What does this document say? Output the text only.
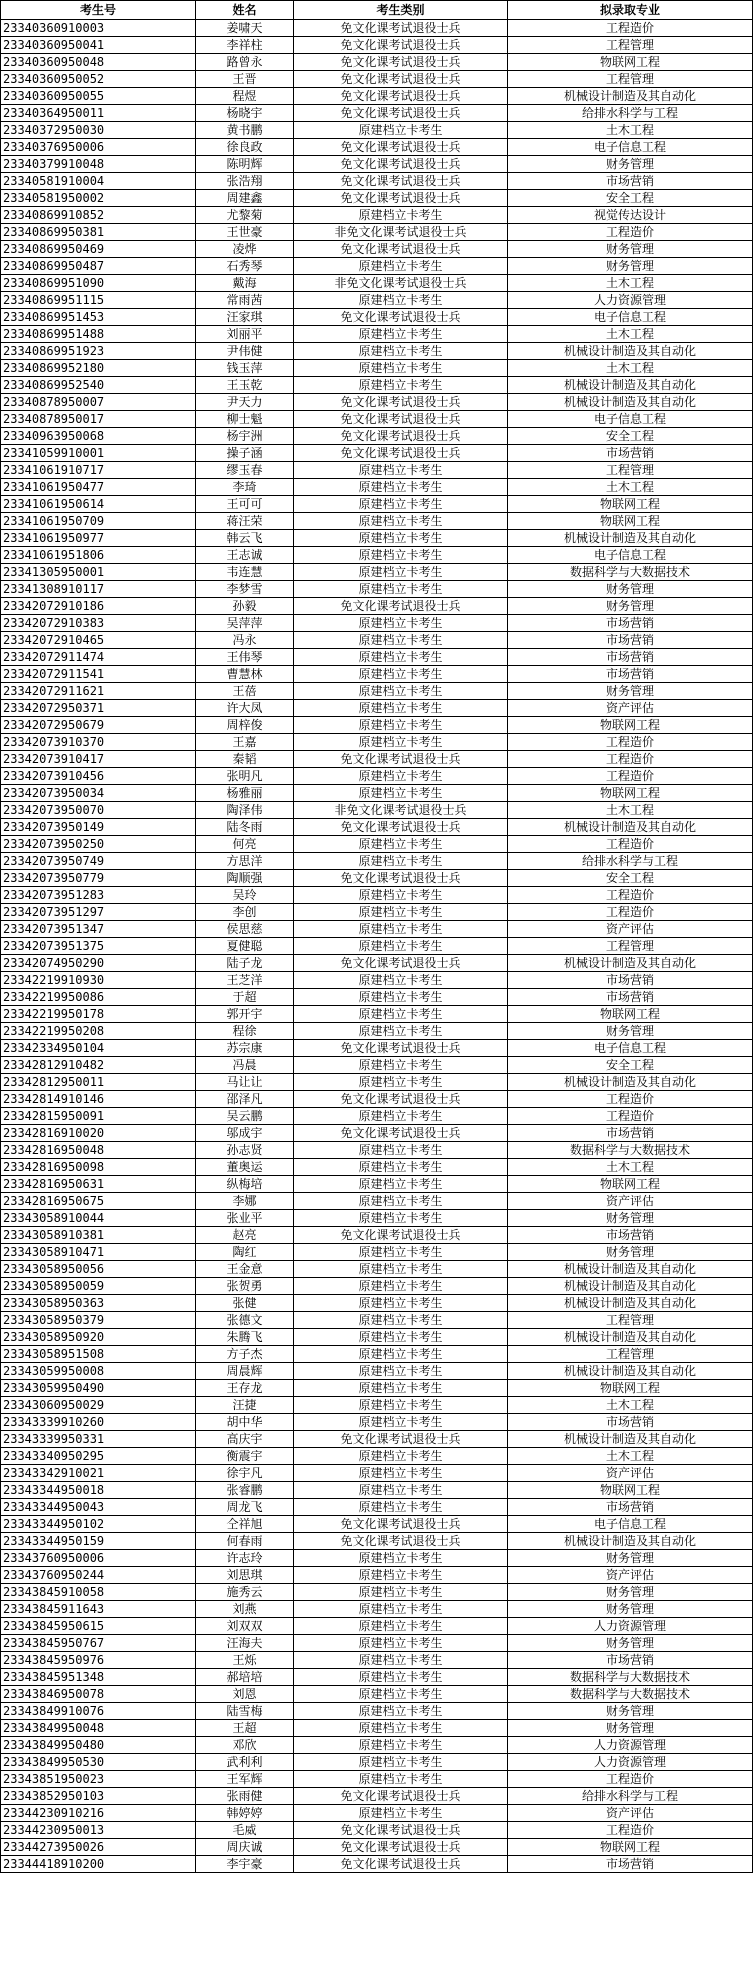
考生号	姓名	考生类别	拟录取专业
23340360910003	姜啸天	免文化课考试退役士兵	工程造价
23340360950041	李祥柱	免文化课考试退役士兵	工程管理
23340360950048	路曾永	免文化课考试退役士兵	物联网工程
23340360950052	王晋	免文化课考试退役士兵	工程管理
23340360950055	程煜	免文化课考试退役士兵	机械设计制造及其自动化
23340364950011	杨晓宇	免文化课考试退役士兵	给排水科学与工程
23340372950030	黄书鹏	原建档立卡考生	土木工程
23340376950006	徐良政	免文化课考试退役士兵	电子信息工程
23340379910048	陈明辉	免文化课考试退役士兵	财务管理
23340581910004	张浩翔	免文化课考试退役士兵	市场营销
23340581950002	周建鑫	免文化课考试退役士兵	安全工程
23340869910852	尤黎菊	原建档立卡考生	视觉传达设计
23340869950381	王世豪	非免文化课考试退役士兵	工程造价
23340869950469	凌烨	免文化课考试退役士兵	财务管理
23340869950487	石秀琴	原建档立卡考生	财务管理
23340869951090	戴海	非免文化课考试退役士兵	土木工程
23340869951115	常雨茜	原建档立卡考生	人力资源管理
23340869951453	汪家琪	免文化课考试退役士兵	电子信息工程
23340869951488	刘丽平	原建档立卡考生	土木工程
23340869951923	尹伟健	原建档立卡考生	机械设计制造及其自动化
23340869952180	钱玉萍	原建档立卡考生	土木工程
23340869952540	王玉乾	原建档立卡考生	机械设计制造及其自动化
23340878950007	尹天力	免文化课考试退役士兵	机械设计制造及其自动化
23340878950017	柳士魁	免文化课考试退役士兵	电子信息工程
23340963950068	杨宇洲	免文化课考试退役士兵	安全工程
23341059910001	操子涵	免文化课考试退役士兵	市场营销
23341061910717	缪玉春	原建档立卡考生	工程管理
23341061950477	李琦	原建档立卡考生	土木工程
23341061950614	王可可	原建档立卡考生	物联网工程
23341061950709	蒋汪荣	原建档立卡考生	物联网工程
23341061950977	韩云飞	原建档立卡考生	机械设计制造及其自动化
23341061951806	王志诚	原建档立卡考生	电子信息工程
23341305950001	韦连慧	原建档立卡考生	数据科学与大数据技术
23341308910117	李梦雪	原建档立卡考生	财务管理
23342072910186	孙毅	免文化课考试退役士兵	财务管理
23342072910383	吴萍萍	原建档立卡考生	市场营销
23342072910465	冯永	原建档立卡考生	市场营销
23342072911474	王伟琴	原建档立卡考生	市场营销
23342072911541	曹慧林	原建档立卡考生	市场营销
23342072911621	王蓓	原建档立卡考生	财务管理
23342072950371	许大凤	原建档立卡考生	资产评估
23342072950679	周梓俊	原建档立卡考生	物联网工程
23342073910370	王嘉	原建档立卡考生	工程造价
23342073910417	秦韬	免文化课考试退役士兵	工程造价
23342073910456	张明凡	原建档立卡考生	工程造价
23342073950034	杨雅丽	原建档立卡考生	物联网工程
23342073950070	陶泽伟	非免文化课考试退役士兵	土木工程
23342073950149	陆冬雨	免文化课考试退役士兵	机械设计制造及其自动化
23342073950250	何亮	原建档立卡考生	工程造价
23342073950749	方思洋	原建档立卡考生	给排水科学与工程
23342073950779	陶顺强	免文化课考试退役士兵	安全工程
23342073951283	吴玲	原建档立卡考生	工程造价
23342073951297	李创	原建档立卡考生	工程造价
23342073951347	侯思慈	原建档立卡考生	资产评估
23342073951375	夏健聪	原建档立卡考生	工程管理
23342074950290	陆子龙	免文化课考试退役士兵	机械设计制造及其自动化
23342219910930	王芝洋	原建档立卡考生	市场营销
23342219950086	于超	原建档立卡考生	市场营销
23342219950178	郭开宇	原建档立卡考生	物联网工程
23342219950208	程徐	原建档立卡考生	财务管理
23342334950104	苏宗康	免文化课考试退役士兵	电子信息工程
23342812910482	冯晨	原建档立卡考生	安全工程
23342812950011	马让让	原建档立卡考生	机械设计制造及其自动化
23342814910146	邵泽凡	免文化课考试退役士兵	工程造价
23342815950091	吴云鹏	原建档立卡考生	工程造价
23342816910020	邬成宇	免文化课考试退役士兵	市场营销
23342816950048	孙志贤	原建档立卡考生	数据科学与大数据技术
23342816950098	董奥运	原建档立卡考生	土木工程
23342816950631	纵梅培	原建档立卡考生	物联网工程
23342816950675	李娜	原建档立卡考生	资产评估
23343058910044	张业平	原建档立卡考生	财务管理
23343058910381	赵亮	免文化课考试退役士兵	市场营销
23343058910471	陶红	原建档立卡考生	财务管理
23343058950056	王金意	原建档立卡考生	机械设计制造及其自动化
23343058950059	张贺勇	原建档立卡考生	机械设计制造及其自动化
23343058950363	张健	原建档立卡考生	机械设计制造及其自动化
23343058950379	张德文	原建档立卡考生	工程管理
23343058950920	朱腾飞	原建档立卡考生	机械设计制造及其自动化
23343058951508	方子杰	原建档立卡考生	工程管理
23343059950008	周晨辉	原建档立卡考生	机械设计制造及其自动化
23343059950490	王存龙	原建档立卡考生	物联网工程
23343060950029	汪捷	原建档立卡考生	土木工程
23343339910260	胡中华	原建档立卡考生	市场营销
23343339950331	高庆宇	免文化课考试退役士兵	机械设计制造及其自动化
23343340950295	衡震宇	原建档立卡考生	土木工程
23343342910021	徐宇凡	原建档立卡考生	资产评估
23343344950018	张睿鹏	原建档立卡考生	物联网工程
23343344950043	周龙飞	原建档立卡考生	市场营销
23343344950102	仝祥旭	免文化课考试退役士兵	电子信息工程
23343344950159	何春雨	免文化课考试退役士兵	机械设计制造及其自动化
23343760950006	许志玲	原建档立卡考生	财务管理
23343760950244	刘思琪	原建档立卡考生	资产评估
23343845910058	施秀云	原建档立卡考生	财务管理
23343845911643	刘燕	原建档立卡考生	财务管理
23343845950615	刘双双	原建档立卡考生	人力资源管理
23343845950767	汪海夫	原建档立卡考生	财务管理
23343845950976	王烁	原建档立卡考生	市场营销
23343845951348	郝培培	原建档立卡考生	数据科学与大数据技术
23343846950078	刘恩	原建档立卡考生	数据科学与大数据技术
23343849910076	陆雪梅	原建档立卡考生	财务管理
23343849950048	王超	原建档立卡考生	财务管理
23343849950480	邓欣	原建档立卡考生	人力资源管理
23343849950530	武利利	原建档立卡考生	人力资源管理
23343851950023	王军辉	原建档立卡考生	工程造价
23343852950103	张雨健	免文化课考试退役士兵	给排水科学与工程
23344230910216	韩婷婷	原建档立卡考生	资产评估
23344230950013	毛威	免文化课考试退役士兵	工程造价
23344273950026	周庆诚	免文化课考试退役士兵	物联网工程
23344418910200	李宇豪	免文化课考试退役士兵	市场营销
